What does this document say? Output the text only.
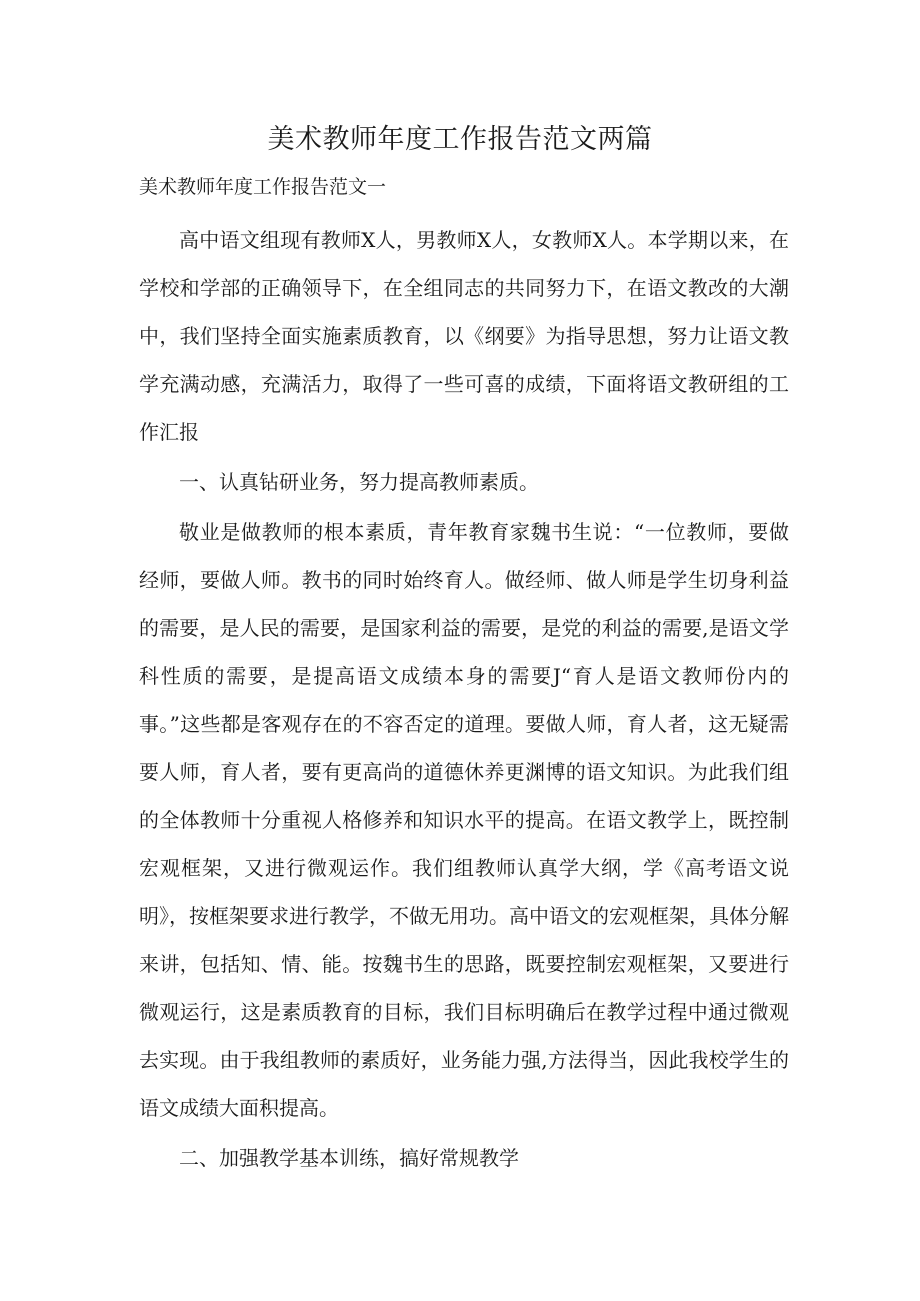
美术教师年度工作报告范文两篇
美术教师年度工作报告范文一

高中语文组现有教师X人，男教师X人，女教师X人。本学期以来，在学校和学部的正确领导下，在全组同志的共同努力下，在语文教改的大潮中，我们坚持全面实施素质教育，以《纲要》为指导思想，努力让语文教学充满动感，充满活力，取得了一些可喜的成绩，下面将语文教研组的工作汇报

一、认真钻研业务，努力提高教师素质。

敬业是做教师的根本素质，青年教育家魏书生说：“一位教师，要做经师，要做人师。教书的同时始终育人。做经师、做人师是学生切身利益的需要，是人民的需要，是国家利益的需要，是党的利益的需要,是语文学科性质的需要，是提高语文成绩本身的需要J“育人是语文教师份内的事。”这些都是客观存在的不容否定的道理。要做人师，育人者，这无疑需要人师，育人者，要有更高尚的道德休养更渊博的语文知识。为此我们组的全体教师十分重视人格修养和知识水平的提高。在语文教学上，既控制宏观框架，又进行微观运作。我们组教师认真学大纲，学《高考语文说明》，按框架要求进行教学，不做无用功。高中语文的宏观框架，具体分解来讲，包括知、情、能。按魏书生的思路，既要控制宏观框架，又要进行微观运行，这是素质教育的目标，我们目标明确后在教学过程中通过微观去实现。由于我组教师的素质好，业务能力强,方法得当，因此我校学生的语文成绩大面积提高。

二、加强教学基本训练，搞好常规教学
